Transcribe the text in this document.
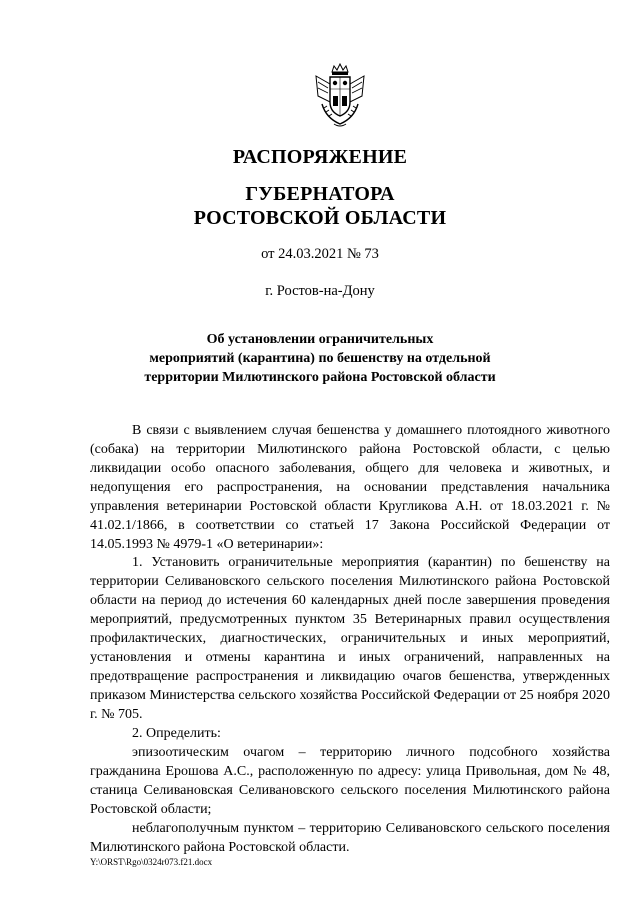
РАСПОРЯЖЕНИЕ
ГУБЕРНАТОРА
РОСТОВСКОЙ ОБЛАСТИ
от 24.03.2021 № 73
г. Ростов-на-Дону
Об установлении ограничительных
мероприятий (карантина) по бешенству на отдельной
территории Милютинского района Ростовской области

В связи с выявлением случая бешенства у домашнего плотоядного животного (собака) на территории Милютинского района Ростовской области, с целью ликвидации особо опасного заболевания, общего для человека и животных, и недопущения его распространения, на основании представления начальника управления ветеринарии Ростовской области Кругликова А.Н. от 18.03.2021 г. № 41.02.1/1866, в соответствии со статьей 17 Закона Российской Федерации от 14.05.1993 № 4979-1 «О ветеринарии»:

1. Установить ограничительные мероприятия (карантин) по бешенству на территории Селивановского сельского поселения Милютинского района Ростовской области на период до истечения 60 календарных дней после завершения проведения мероприятий, предусмотренных пунктом 35 Ветеринарных правил осуществления профилактических, диагностических, ограничительных и иных мероприятий, установления и отмены карантина и иных ограничений, направленных на предотвращение распространения и ликвидацию очагов бешенства, утвержденных приказом Министерства сельского хозяйства Российской Федерации от 25 ноября 2020 г. № 705.

2. Определить:

эпизоотическим очагом – территорию личного подсобного хозяйства гражданина Ерошова А.С., расположенную по адресу: улица Привольная, дом № 48, станица Селивановская Селивановского сельского поселения Милютинского района Ростовской области;

неблагополучным пунктом – территорию Селивановского сельского поселения Милютинского района Ростовской области.

Y:\ORST\Rgo\0324r073.f21.docx
